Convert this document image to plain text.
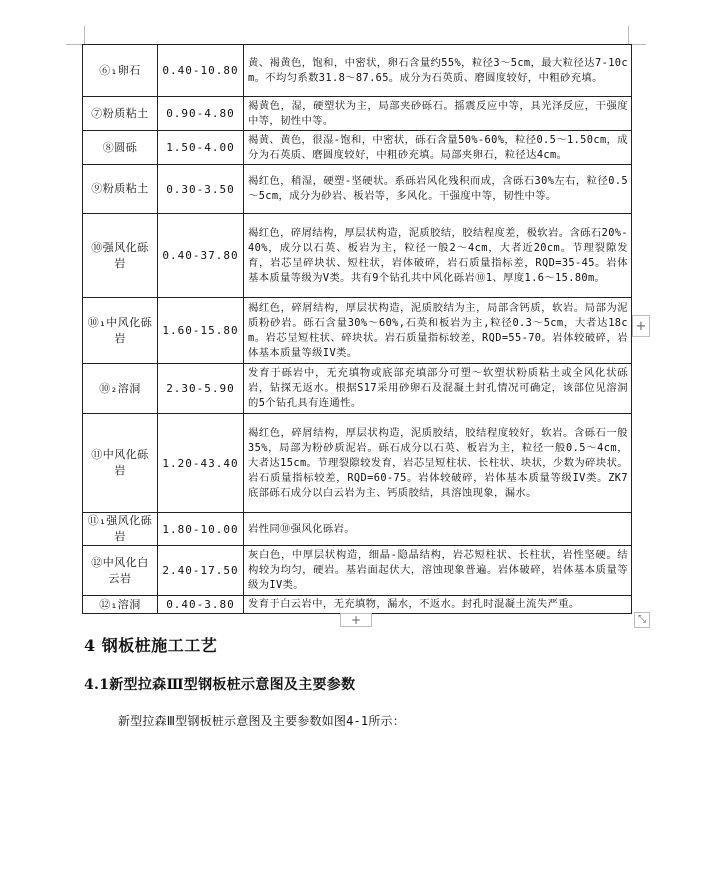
⑥₁卵石	0.40-10.80	黄、褐黄色，饱和，中密状，卵石含量约55%，粒径3～5cm，最大粒径达7-10cm。不均匀系数31.8～87.65。成分为石英质、磨圆度较好，中粗砂充填。
⑦粉质粘土	0.90-4.80	褐黄色，湿，硬塑状为主，局部夹砂砾石。摇震反应中等，具光泽反应，干强度中等，韧性中等。
⑧圆砾	1.50-4.00	褐黄、黄色，很湿-饱和，中密状，砾石含量50%-60%，粒径0.5～1.50cm，成分为石英质、磨圆度较好，中粗砂充填。局部夹卵石，粒径达4cm。
⑨粉质粘土	0.30-3.50	褐红色，稍湿，硬塑-坚硬状。系砾岩风化残积而成，含砾石30%左右，粒径0.5～5cm，成分为砂岩、板岩等，多风化。干强度中等，韧性中等。
⑩强风化砾岩	0.40-37.80	褐红色，碎屑结构，厚层状构造，泥质胶结，胶结程度差，极软岩。含砾石20%-40%，成分以石英、板岩为主，粒径一般2～4cm，大者近20cm。节理裂隙发育，岩芯呈碎块状、短柱状，岩体破碎，岩石质量指标差，RQD=35-45。岩体基本质量等级为V类。共有9个钻孔共中风化砾岩⑩1、厚度1.6～15.80m。
⑩₁中风化砾岩	1.60-15.80	褐红色，碎屑结构，厚层状构造，泥质胶结为主，局部含钙质，软岩。局部为泥质粉砂岩。砾石含量30%～60%,石英和板岩为主,粒径0.3～5cm，大者达18cm。岩芯呈短柱状、碎块状。岩石质量指标较差，RQD=55-70。岩体较破碎，岩体基本质量等级IV类。
⑩₂溶洞	2.30-5.90	发育于砾岩中，无充填物或底部充填部分可塑～软塑状粉质粘土或全风化状砾岩，钻探无返水。根据S17采用砂卵石及混凝土封孔情况可确定，该部位见溶洞的5个钻孔具有连通性。
⑪中风化砾岩	1.20-43.40	褐红色，碎屑结构，厚层状构造，泥质胶结，胶结程度较好，软岩。含砾石一般35%，局部为粉砂质泥岩。砾石成分以石英、板岩为主，粒径一般0.5～4cm，大者达15cm。节理裂隙较发育，岩芯呈短柱状、长柱状、块状，少数为碎块状。岩石质量指标较差，RQD=60-75。岩体较破碎，岩体基本质量等级IV类。ZK7底部砾石成分以白云岩为主、钙质胶结，具溶蚀现象，漏水。
⑪₁强风化砾岩	1.80-10.00	岩性同⑩强风化砾岩。
⑫中风化白云岩	2.40-17.50	灰白色，中厚层状构造，细晶-隐晶结构，岩芯短柱状、长柱状，岩性坚硬。结构较为均匀，硬岩。基岩面起伏大，溶蚀现象普遍。岩体破碎，岩体基本质量等级为IV类。
⑫₁溶洞	0.40-3.80	发育于白云岩中，无充填物，漏水，不返水。封孔时混凝土流失严重。
+
+	⤡
4 钢板桩施工工艺
4.1新型拉森Ⅲ型钢板桩示意图及主要参数

新型拉森Ⅲ型钢板桩示意图及主要参数如图4-1所示：
